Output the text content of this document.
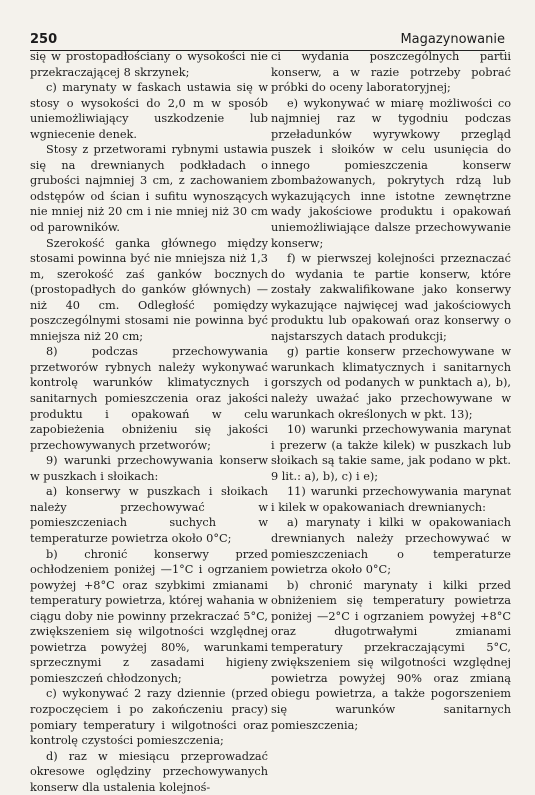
250	Magazynowanie

się w prostopadłościany o wysokości nie przekraczającej 8 skrzynek;

c) marynaty w faskach ustawia się w stosy o wysokości do 2,0 m w sposób uniemożliwiający uszkodzenie lub wgniecenie denek.

Stosy z przetworami rybnymi ustawia się na drewnianych podkładach o grubości najmniej 3 cm, z zachowaniem odstępów od ścian i sufitu wynoszących nie mniej niż 20 cm i nie mniej niż 30 cm od parowników.

Szerokość ganka głównego między stosami powinna być nie mniejsza niż 1,3 m, szerokość zaś ganków bocznych (prostopadłych do ganków głównych) — niż 40 cm. Odległość pomiędzy poszczególnymi stosami nie powinna być mniejsza niż 20 cm;

8) podczas przechowywania przetworów rybnych należy wykonywać kontrolę warunków klimatycznych i sanitarnych pomieszczenia oraz jakości produktu i opakowań w celu zapobieżenia obniżeniu się jakości przechowywanych przetworów;

9) warunki przechowywania konserw w puszkach i słoikach:

a) konserwy w puszkach i słoikach należy przechowywać w pomieszczeniach suchych w temperaturze powietrza około 0°C;

b) chronić konserwy przed ochłodzeniem poniżej —1°C i ogrzaniem powyżej +8°C oraz szybkimi zmianami temperatury powietrza, której wahania w ciągu doby nie powinny przekraczać 5°C, zwiększeniem się wilgotności względnej powietrza powyżej 80%, warunkami sprzecznymi z zasadami higieny pomieszczeń chłodzonych;

c) wykonywać 2 razy dziennie (przed rozpoczęciem i po zakończeniu pracy) pomiary temperatury i wilgotności oraz kontrolę czystości pomieszczenia;

d) raz w miesiącu przeprowadzać okresowe oględziny przechowywanych konserw dla ustalenia kolejnoś-

ci wydania poszczególnych partii konserw, a w razie potrzeby pobrać próbki do oceny laboratoryjnej;

e) wykonywać w miarę możliwości co najmniej raz w tygodniu podczas przeładunków wyrywkowy przegląd puszek i słoików w celu usunięcia do innego pomieszczenia konserw zbombażowanych, pokrytych rdzą lub wykazujących inne istotne zewnętrzne wady jakościowe produktu i opakowań uniemożliwiające dalsze przechowywanie konserw;

f) w pierwszej kolejności przeznaczać do wydania te partie konserw, które zostały zakwalifikowane jako konserwy wykazujące najwięcej wad jakościowych produktu lub opakowań oraz konserwy o najstarszych datach produkcji;

g) partie konserw przechowywane w warunkach klimatycznych i sanitarnych gorszych od podanych w punktach a), b), należy uważać jako przechowywane w warunkach określonych w pkt. 13);

10) warunki przechowywania marynat i prezerw (a także kilek) w puszkach lub słoikach są takie same, jak podano w pkt. 9 lit.: a), b), c) i e);

11) warunki przechowywania marynat i kilek w opakowaniach drewnianych:

a) marynaty i kilki w opakowaniach drewnianych należy przechowywać w pomieszczeniach o temperaturze powietrza około 0°C;

b) chronić marynaty i kilki przed obniżeniem się temperatury powietrza poniżej —2°C i ogrzaniem powyżej +8°C oraz długotrwałymi zmianami temperatury przekraczającymi 5°C, zwiększeniem się wilgotności względnej powietrza powyżej 90% oraz zmianą obiegu powietrza, a także pogorszeniem się warunków sanitarnych pomieszczenia;
